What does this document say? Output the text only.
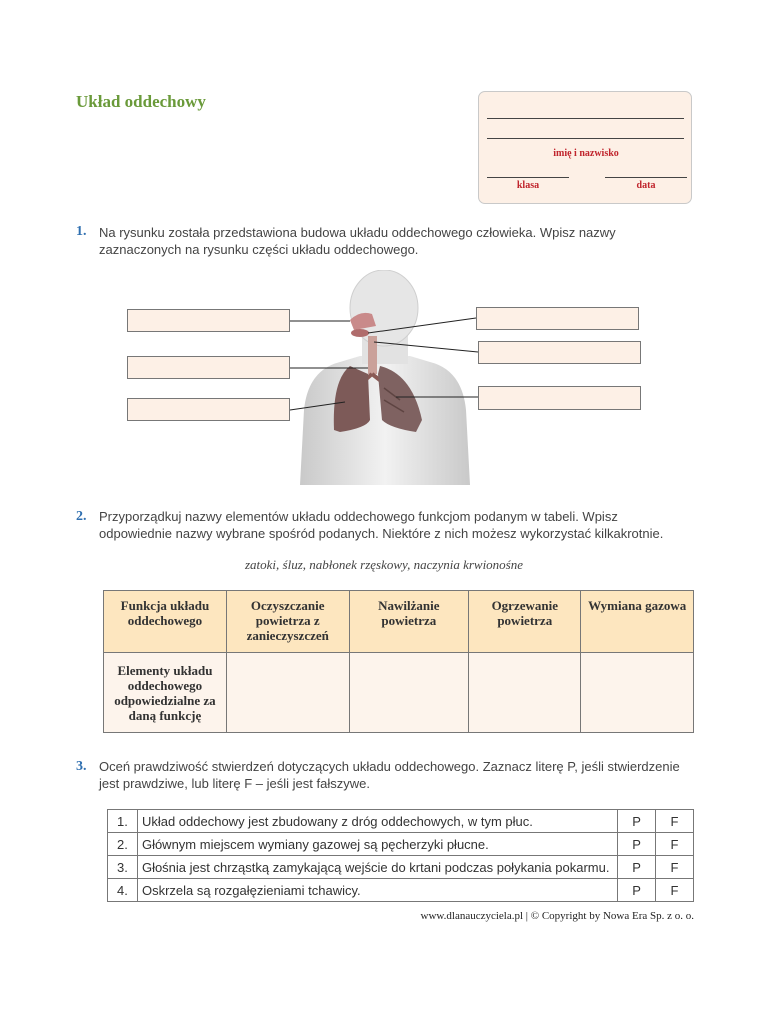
Układ oddechowy
imię i nazwisko
klasa	data
1. Na rysunku została przedstawiona budowa układu oddechowego człowieka. Wpisz nazwy
zaznaczonych na rysunku części układu oddechowego.
2. Przyporządkuj nazwy elementów układu oddechowego funkcjom podanym w tabeli. Wpisz
odpowiednie nazwy wybrane spośród podanych. Niektóre z nich możesz wykorzystać kilkakrotnie.
zatoki, śluz, nabłonek rzęskowy, naczynia krwionośne
Funkcja układu oddechowego	Oczyszczanie powietrza z zanieczyszczeń	Nawilżanie powietrza	Ogrzewanie powietrza	Wymiana gazowa
Elementy układu oddechowego odpowiedzialne za daną funkcję				
3. Oceń prawdziwość stwierdzeń dotyczących układu oddechowego. Zaznacz literę P, jeśli stwierdzenie
jest prawdziwe, lub literę F – jeśli jest fałszywe.
1.	Układ oddechowy jest zbudowany z dróg oddechowych, w tym płuc.	P	F
2.	Głównym miejscem wymiany gazowej są pęcherzyki płucne.	P	F
3.	Głośnia jest chrząstką zamykającą wejście do krtani podczas połykania pokarmu.	P	F
4.	Oskrzela są rozgałęzieniami tchawicy.	P	F
www.dlanauczyciela.pl | © Copyright by Nowa Era Sp. z o. o.
